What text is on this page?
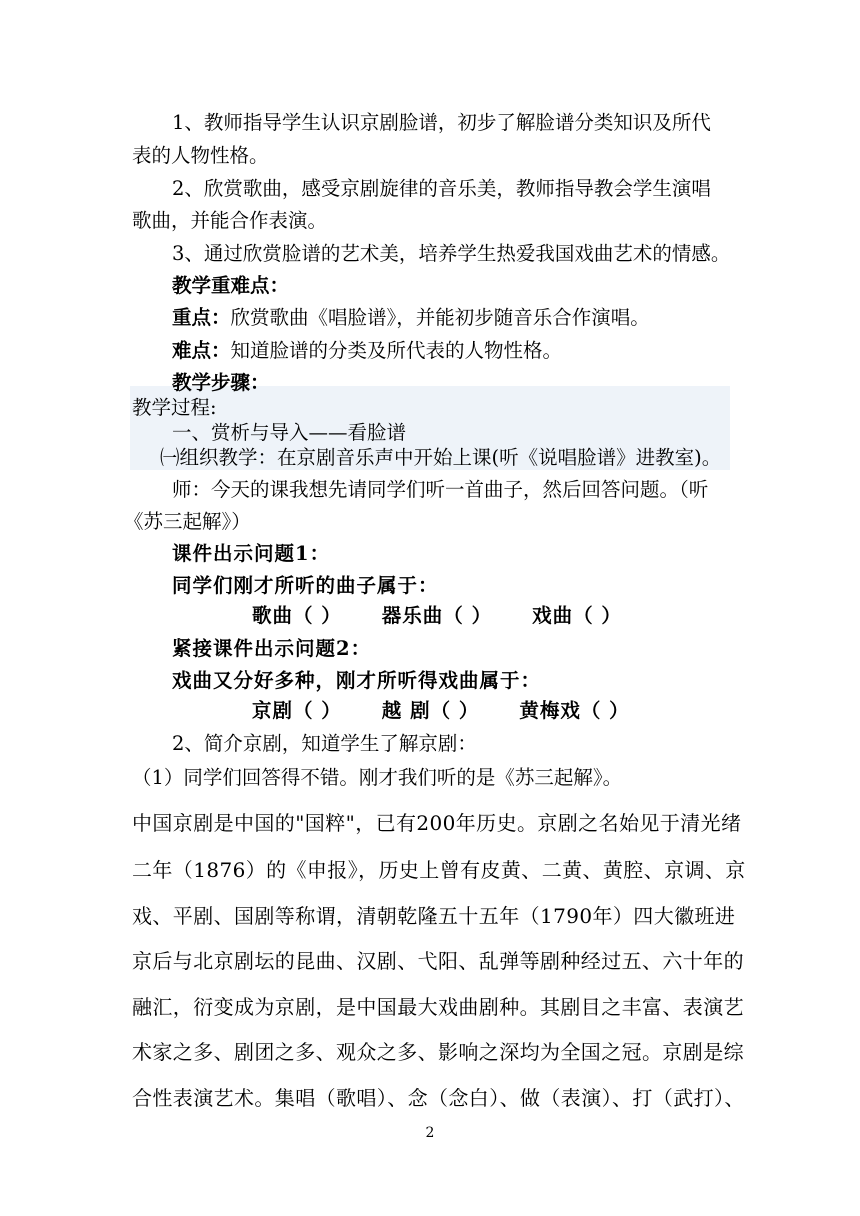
1、教师指导学生认识京剧脸谱，初步了解脸谱分类知识及所代
表的人物性格。
2、欣赏歌曲，感受京剧旋律的音乐美，教师指导教会学生演唱
歌曲，并能合作表演。
3、通过欣赏脸谱的艺术美，培养学生热爱我国戏曲艺术的情感。
教学重难点：
重点：欣赏歌曲《唱脸谱》，并能初步随音乐合作演唱。
难点：知道脸谱的分类及所代表的人物性格。
教学步骤：
教学过程:
一、赏析与导入——看脸谱
㈠组织教学：在京剧音乐声中开始上课(听《说唱脸谱》进教室)。
师：今天的课我想先请同学们听一首曲子，然后回答问题。（听
《苏三起解》）
课件出示问题1：
同学们刚才所听的曲子属于：
歌曲（ ） 器乐曲（ ） 戏曲（ ）
紧接课件出示问题2：
戏曲又分好多种，刚才所听得戏曲属于：
京剧（ ） 越 剧（ ） 黄梅戏（ ）
2、简介京剧，知道学生了解京剧：
（1）同学们回答得不错。刚才我们听的是《苏三起解》。
中国京剧是中国的"国粹"，已有200年历史。京剧之名始见于清光绪
二年（1876）的《申报》，历史上曾有皮黄、二黄、黄腔、京调、京
戏、平剧、国剧等称谓，清朝乾隆五十五年（1790年）四大徽班进
京后与北京剧坛的昆曲、汉剧、弋阳、乱弹等剧种经过五、六十年的
融汇，衍变成为京剧，是中国最大戏曲剧种。其剧目之丰富、表演艺
术家之多、剧团之多、观众之多、影响之深均为全国之冠。京剧是综
合性表演艺术。集唱（歌唱）、念（念白）、做（表演）、打（武打）、
2
